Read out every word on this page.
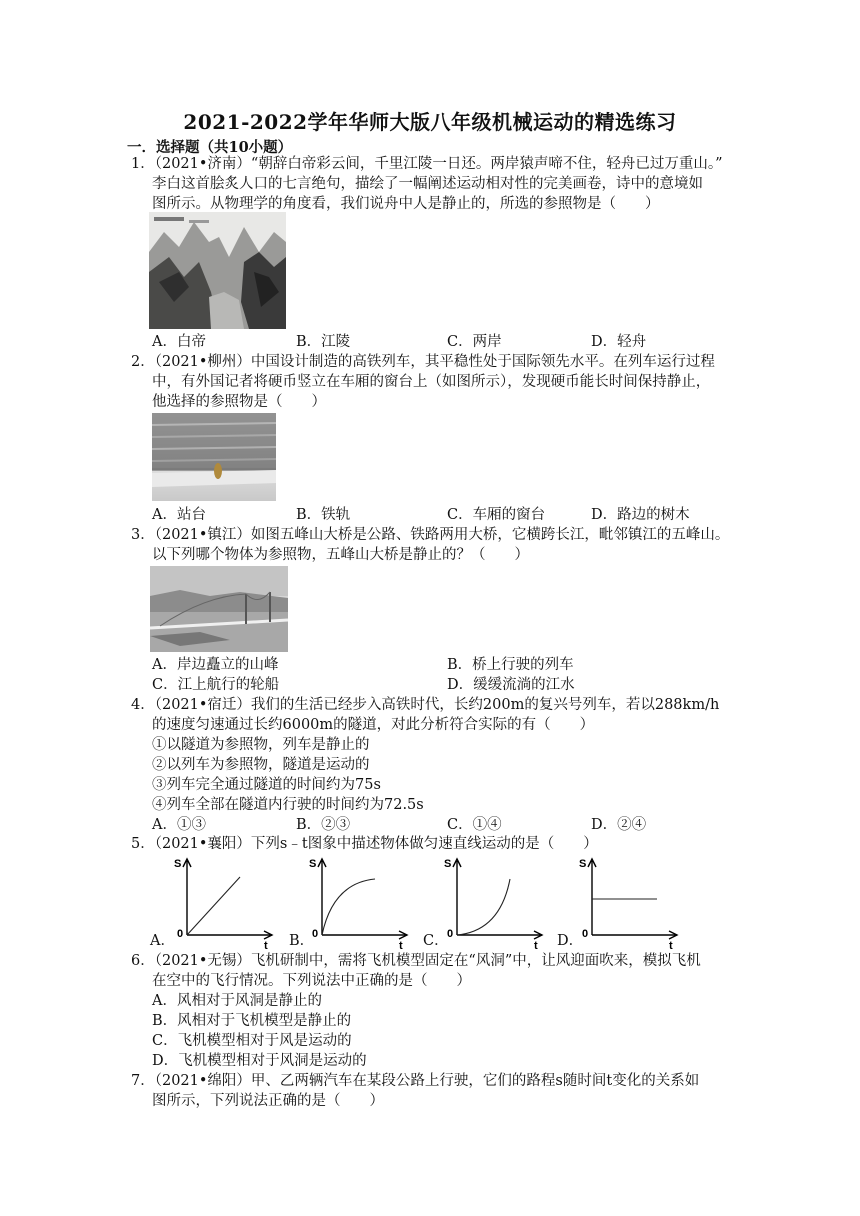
2021-2022学年华师大版八年级机械运动的精选练习
一．选择题（共10小题）
1．（2021•济南）“朝辞白帝彩云间，千里江陵一日还。两岸猿声啼不住，轻舟已过万重山。”
李白这首脍炙人口的七言绝句，描绘了一幅阐述运动相对性的完美画卷，诗中的意境如
图所示。从物理学的角度看，我们说舟中人是静止的，所选的参照物是（　　）
A．白帝	B．江陵	C．两岸	D．轻舟
2．（2021•柳州）中国设计制造的高铁列车，其平稳性处于国际领先水平。在列车运行过程
中，有外国记者将硬币竖立在车厢的窗台上（如图所示），发现硬币能长时间保持静止，
他选择的参照物是（　　）
A．站台	B．铁轨	C．车厢的窗台	D．路边的树木
3．（2021•镇江）如图五峰山大桥是公路、铁路两用大桥，它横跨长江，毗邻镇江的五峰山。
以下列哪个物体为参照物，五峰山大桥是静止的？（　　）
A．岸边矗立的山峰	B．桥上行驶的列车
C．江上航行的轮船	D．缓缓流淌的江水
4．（2021•宿迁）我们的生活已经步入高铁时代，长约200m的复兴号列车，若以288km/h
的速度匀速通过长约6000m的隧道，对此分析符合实际的有（　　）
①以隧道为参照物，列车是静止的
②以列车为参照物，隧道是运动的
③列车完全通过隧道的时间约为75s
④列车全部在隧道内行驶的时间约为72.5s
A．①③	B．②③	C．①④	D．②④
5．（2021•襄阳）下列s﹣t图象中描述物体做匀速直线运动的是（　　）
S
0
t
S
0
t
S
0
t
S
0
t
A．	B．	C．	D．
6．（2021•无锡）飞机研制中，需将飞机模型固定在“风洞”中，让风迎面吹来，模拟飞机
在空中的飞行情况。下列说法中正确的是（　　）
A．风相对于风洞是静止的
B．风相对于飞机模型是静止的
C．飞机模型相对于风是运动的
D．飞机模型相对于风洞是运动的
7．（2021•绵阳）甲、乙两辆汽车在某段公路上行驶，它们的路程s随时间t变化的关系如
图所示，下列说法正确的是（　　）
